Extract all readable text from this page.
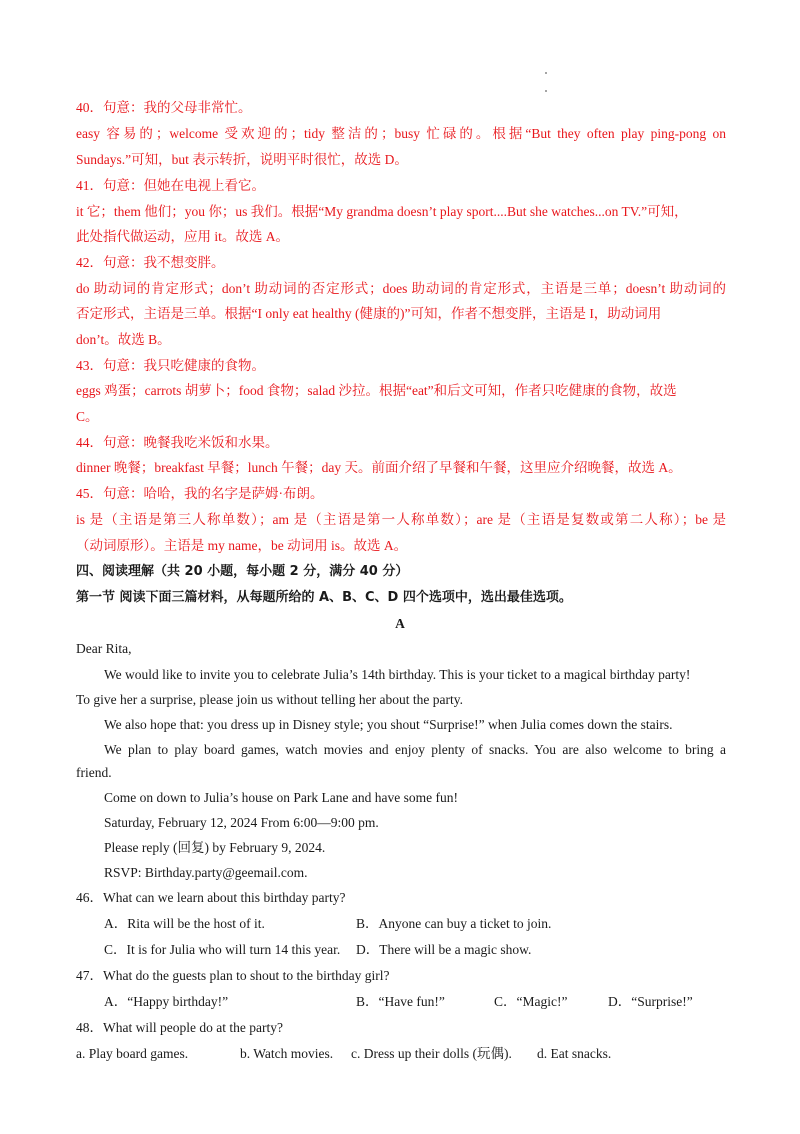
40．句意：我的父母非常忙。
easy 容易的；welcome 受欢迎的；tidy 整洁的；busy 忙碌的。根据“But they often play ping-pong on
Sundays.”可知，but 表示转折，说明平时很忙，故选 D。
41．句意：但她在电视上看它。
it 它；them 他们；you 你；us 我们。根据“My grandma doesn’t play sport....But she watches...on TV.”可知，
此处指代做运动，应用 it。故选 A。
42．句意：我不想变胖。
do 助动词的肯定形式；don’t 助动词的否定形式；does 助动词的肯定形式，主语是三单；doesn’t 助动词的
否定形式，主语是三单。根据“I only eat healthy (健康的)”可知，作者不想变胖，主语是 I，助动词用
don’t。故选 B。
43．句意：我只吃健康的食物。
eggs 鸡蛋；carrots 胡萝卜；food 食物；salad 沙拉。根据“eat”和后文可知，作者只吃健康的食物，故选
C。
44．句意：晚餐我吃米饭和水果。
dinner 晚餐；breakfast 早餐；lunch 午餐；day 天。前面介绍了早餐和午餐，这里应介绍晚餐，故选 A。
45．句意：哈哈，我的名字是萨姆·布朗。
is 是（主语是第三人称单数）；am 是（主语是第一人称单数）；are 是（主语是复数或第二人称）；be 是
（动词原形）。主语是 my name，be 动词用 is。故选 A。
四、阅读理解（共 20 小题，每小题 2 分，满分 40 分）
第一节 阅读下面三篇材料，从每题所给的 A、B、C、D 四个选项中，选出最佳选项。
A
Dear Rita,
We would like to invite you to celebrate Julia’s 14th birthday. This is your ticket to a magical birthday party!
To give her a surprise, please join us without telling her about the party.
We also hope that: you dress up in Disney style; you shout “Surprise!” when Julia comes down the stairs.
We plan to play board games, watch movies and enjoy plenty of snacks. You are also welcome to bring a
friend.
Come on down to Julia’s house on Park Lane and have some fun!
Saturday, February 12, 2024 From 6:00—9:00 pm.
Please reply (回复) by February 9, 2024.
RSVP: Birthday.party@geemail.com.
46．What can we learn about this birthday party?
A．Rita will be the host of it.	B．Anyone can buy a ticket to join.
C．It is for Julia who will turn 14 this year. D．There will be a magic show.
47．What do the guests plan to shout to the birthday girl?
A．“Happy birthday!”	B．“Have fun!”	C．“Magic!”	D．“Surprise!”
48．What will people do at the party?
a. Play board games.	b. Watch movies. c. Dress up their dolls (玩偶). d. Eat snacks.
